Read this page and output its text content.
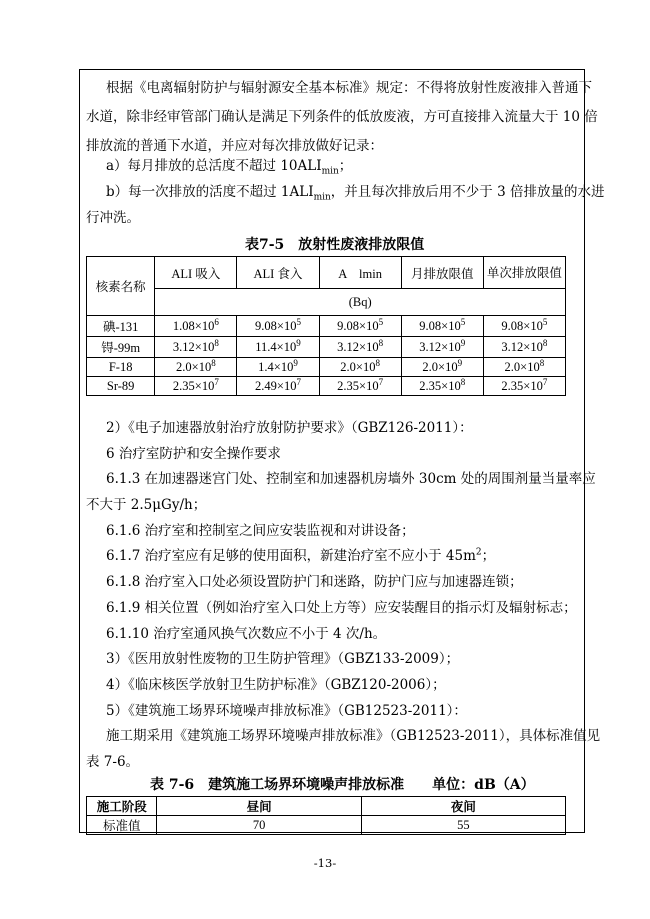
根据《电离辐射防护与辐射源安全基本标准》规定：不得将放射性废液排入普通下
水道，除非经审管部门确认是满足下列条件的低放废液，方可直接排入流量大于 10 倍
排放流的普通下水道，并应对每次排放做好记录：
a）每月排放的总活度不超过 $10ALI_{min}$；
b）每一次排放的活度不超过 $1ALI_{min}$，并且每次排放后用不少于 3 倍排放量的水进
行冲洗。
表7-5　放射性废液排放限值
核素名称	ALI 吸入	ALI 食入	A　lmin	月排放限值	单次排放限值
	(Bq)				
碘-131	$1.08\times 10^6$	$9.08\times 10^5$	$9.08\times 10^5$	$9.08\times 10^5$	$9.08\times 10^5$
锝-99m	$3.12\times 10^8$	$11.4\times 10^9$	$3.12\times 10^8$	$3.12\times 10^9$	$3.12\times 10^8$
F-18	$2.0\times 10^8$	$1.4\times 10^9$	$2.0\times 10^8$	$2.0\times 10^9$	$2.0\times 10^8$
Sr-89	$2.35\times 10^7$	$2.49\times 10^7$	$2.35\times 10^7$	$2.35\times 10^8$	$2.35\times 10^7$
2）《电子加速器放射治疗放射防护要求》（GBZ126-2011）：
6 治疗室防护和安全操作要求
6.1.3 在加速器迷宫门处、控制室和加速器机房墙外 30cm 处的周围剂量当量率应
不大于 2.5μGy/h；
6.1.6 治疗室和控制室之间应安装监视和对讲设备；
6.1.7 治疗室应有足够的使用面积，新建治疗室不应小于 $45m^2$；
6.1.8 治疗室入口处必须设置防护门和迷路，防护门应与加速器连锁；
6.1.9 相关位置（例如治疗室入口处上方等）应安装醒目的指示灯及辐射标志；
6.1.10 治疗室通风换气次数应不小于 4 次/h。
3）《医用放射性废物的卫生防护管理》（GBZ133-2009）；
4）《临床核医学放射卫生防护标准》（GBZ120-2006）；
5）《建筑施工场界环境噪声排放标准》（GB12523-2011）：
施工期采用《建筑施工场界环境噪声排放标准》（GB12523-2011），具体标准值见
表 7-6。
表 7-6　建筑施工场界环境噪声排放标准　　单位：dB（A）
施工阶段	昼间	夜间
标准值	70	55
-13-
